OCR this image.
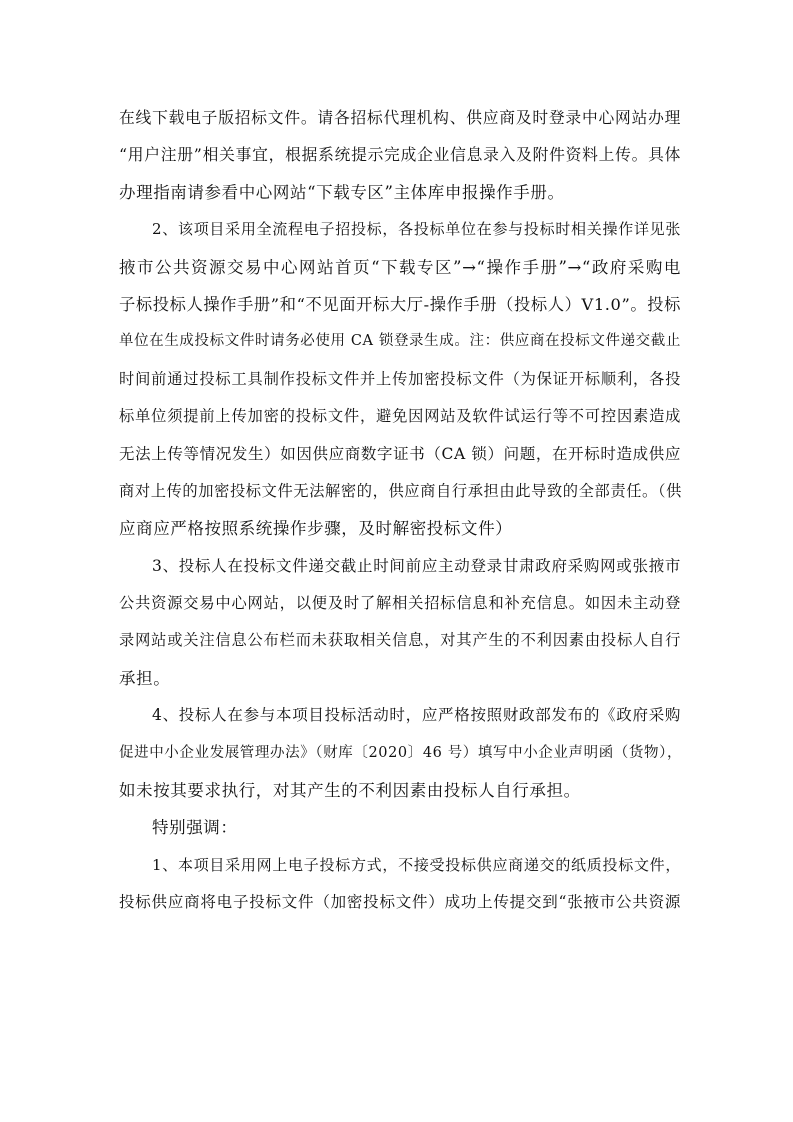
在线下载电子版招标文件。请各招标代理机构、供应商及时登录中心网站办理
“用户注册”相关事宜，根据系统提示完成企业信息录入及附件资料上传。具体
办理指南请参看中心网站“下载专区”主体库申报操作手册。
2、该项目采用全流程电子招投标，各投标单位在参与投标时相关操作详见张
掖市公共资源交易中心网站首页“下载专区”→“操作手册”→“政府采购电
子标投标人操作手册”和“不见面开标大厅-操作手册（投标人）V1.0”。投标
单位在生成投标文件时请务必使用 CA 锁登录生成。注：供应商在投标文件递交截止
时间前通过投标工具制作投标文件并上传加密投标文件（为保证开标顺利，各投
标单位须提前上传加密的投标文件，避免因网站及软件试运行等不可控因素造成
无法上传等情况发生）如因供应商数字证书（CA 锁）问题，在开标时造成供应
商对上传的加密投标文件无法解密的，供应商自行承担由此导致的全部责任。（供
应商应严格按照系统操作步骤，及时解密投标文件）
3、投标人在投标文件递交截止时间前应主动登录甘肃政府采购网或张掖市
公共资源交易中心网站，以便及时了解相关招标信息和补充信息。如因未主动登
录网站或关注信息公布栏而未获取相关信息，对其产生的不利因素由投标人自行
承担。
4、投标人在参与本项目投标活动时，应严格按照财政部发布的《政府采购
促进中小企业发展管理办法》（财库〔2020〕46 号）填写中小企业声明函（货物），
如未按其要求执行，对其产生的不利因素由投标人自行承担。
特别强调：
1、本项目采用网上电子投标方式，不接受投标供应商递交的纸质投标文件，
投标供应商将电子投标文件（加密投标文件）成功上传提交到“张掖市公共资源
